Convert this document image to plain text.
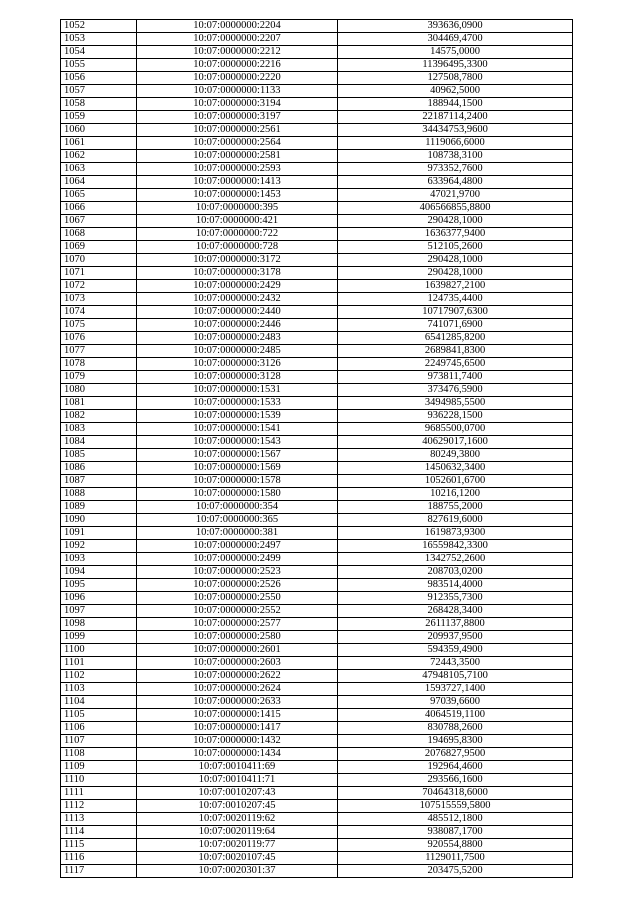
1052	10:07:0000000:2204	393636,0900
1053	10:07:0000000:2207	304469,4700
1054	10:07:0000000:2212	14575,0000
1055	10:07:0000000:2216	11396495,3300
1056	10:07:0000000:2220	127508,7800
1057	10:07:0000000:1133	40962,5000
1058	10:07:0000000:3194	188944,1500
1059	10:07:0000000:3197	22187114,2400
1060	10:07:0000000:2561	34434753,9600
1061	10:07:0000000:2564	1119066,6000
1062	10:07:0000000:2581	108738,3100
1063	10:07:0000000:2593	973352,7600
1064	10:07:0000000:1413	633964,4800
1065	10:07:0000000:1453	47021,9700
1066	10:07:0000000:395	406566855,8800
1067	10:07:0000000:421	290428,1000
1068	10:07:0000000:722	1636377,9400
1069	10:07:0000000:728	512105,2600
1070	10:07:0000000:3172	290428,1000
1071	10:07:0000000:3178	290428,1000
1072	10:07:0000000:2429	1639827,2100
1073	10:07:0000000:2432	124735,4400
1074	10:07:0000000:2440	10717907,6300
1075	10:07:0000000:2446	741071,6900
1076	10:07:0000000:2483	6541285,8200
1077	10:07:0000000:2485	2689841,8300
1078	10:07:0000000:3126	2249745,6500
1079	10:07:0000000:3128	973811,7400
1080	10:07:0000000:1531	373476,5900
1081	10:07:0000000:1533	3494985,5500
1082	10:07:0000000:1539	936228,1500
1083	10:07:0000000:1541	9685500,0700
1084	10:07:0000000:1543	40629017,1600
1085	10:07:0000000:1567	80249,3800
1086	10:07:0000000:1569	1450632,3400
1087	10:07:0000000:1578	1052601,6700
1088	10:07:0000000:1580	10216,1200
1089	10:07:0000000:354	188755,2000
1090	10:07:0000000:365	827619,6000
1091	10:07:0000000:381	1619873,9300
1092	10:07:0000000:2497	16559842,3300
1093	10:07:0000000:2499	1342752,2600
1094	10:07:0000000:2523	208703,0200
1095	10:07:0000000:2526	983514,4000
1096	10:07:0000000:2550	912355,7300
1097	10:07:0000000:2552	268428,3400
1098	10:07:0000000:2577	2611137,8800
1099	10:07:0000000:2580	209937,9500
1100	10:07:0000000:2601	594359,4900
1101	10:07:0000000:2603	72443,3500
1102	10:07:0000000:2622	47948105,7100
1103	10:07:0000000:2624	1593727,1400
1104	10:07:0000000:2633	97039,6600
1105	10:07:0000000:1415	4064519,1100
1106	10:07:0000000:1417	830788,2600
1107	10:07:0000000:1432	194695,8300
1108	10:07:0000000:1434	2076827,9500
1109	10:07:0010411:69	192964,4600
1110	10:07:0010411:71	293566,1600
1111	10:07:0010207:43	70464318,6000
1112	10:07:0010207:45	107515559,5800
1113	10:07:0020119:62	485512,1800
1114	10:07:0020119:64	938087,1700
1115	10:07:0020119:77	920554,8800
1116	10:07:0020107:45	1129011,7500
1117	10:07:0020301:37	203475,5200
